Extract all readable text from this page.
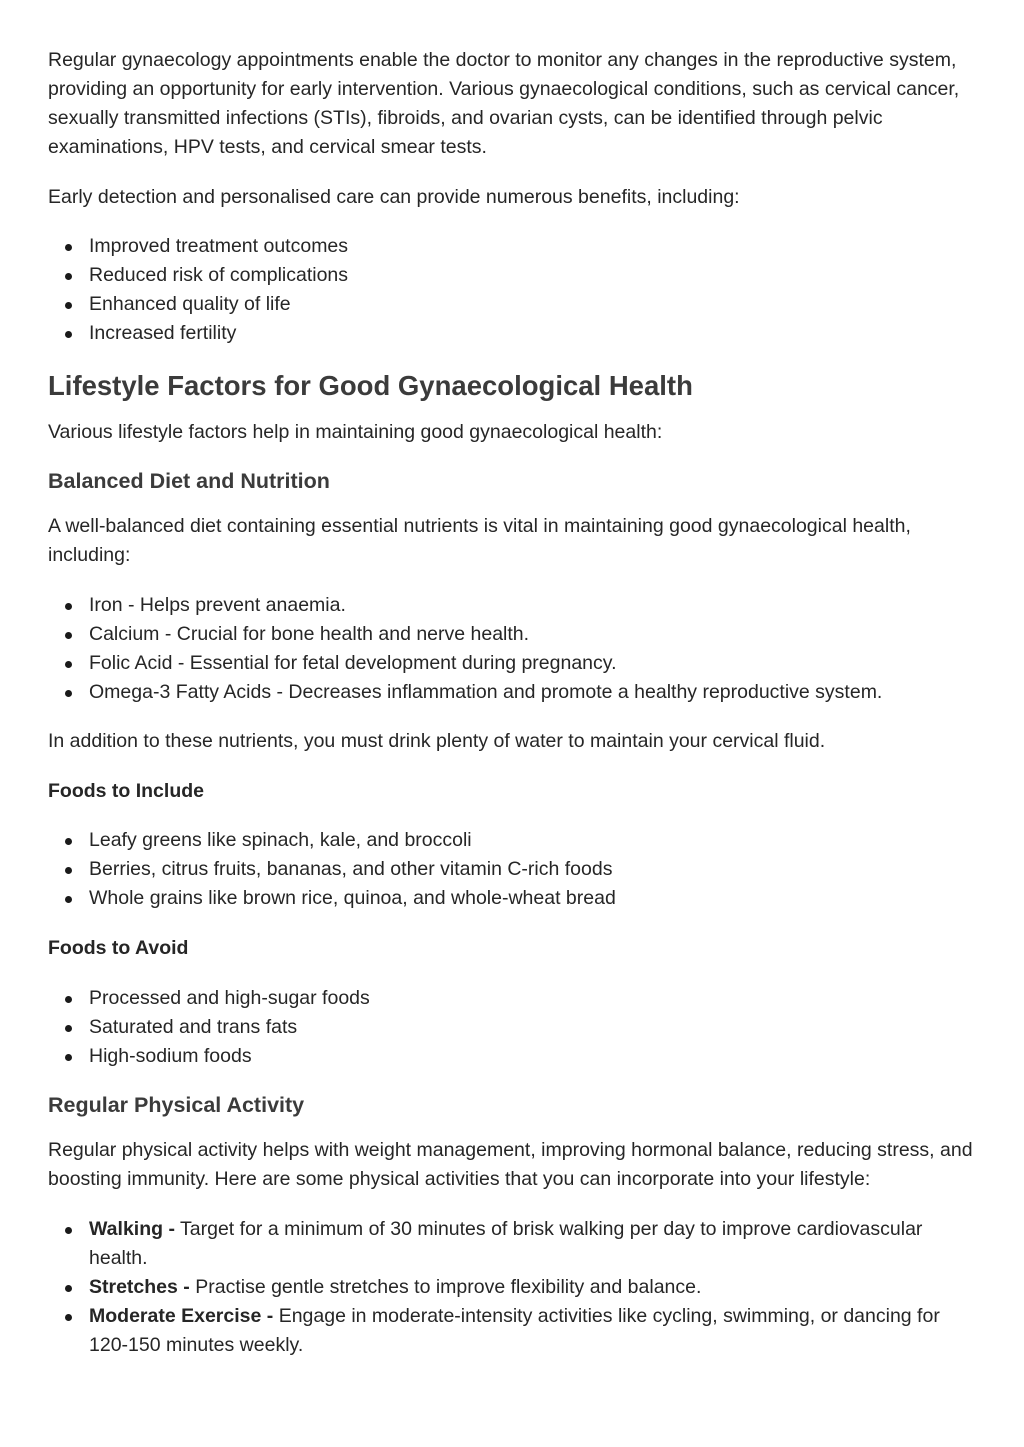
Regular gynaecology appointments enable the doctor to monitor any changes in the reproductive system, providing an opportunity for early intervention. Various gynaecological conditions, such as cervical cancer, sexually transmitted infections (STIs), fibroids, and ovarian cysts, can be identified through pelvic examinations, HPV tests, and cervical smear tests.

Early detection and personalised care can provide numerous benefits, including:

Improved treatment outcomes
Reduced risk of complications
Enhanced quality of life
Increased fertility
Lifestyle Factors for Good Gynaecological Health

Various lifestyle factors help in maintaining good gynaecological health:

Balanced Diet and Nutrition

A well-balanced diet containing essential nutrients is vital in maintaining good gynaecological health, including:

Iron - Helps prevent anaemia.
Calcium - Crucial for bone health and nerve health.
Folic Acid - Essential for fetal development during pregnancy.
Omega-3 Fatty Acids - Decreases inflammation and promote a healthy reproductive system.

In addition to these nutrients, you must drink plenty of water to maintain your cervical fluid.

Foods to Include
Leafy greens like spinach, kale, and broccoli
Berries, citrus fruits, bananas, and other vitamin C-rich foods
Whole grains like brown rice, quinoa, and whole-wheat bread
Foods to Avoid
Processed and high-sugar foods
Saturated and trans fats
High-sodium foods
Regular Physical Activity

Regular physical activity helps with weight management, improving hormonal balance, reducing stress, and boosting immunity. Here are some physical activities that you can incorporate into your lifestyle:

Walking - Target for a minimum of 30 minutes of brisk walking per day to improve cardiovascular health.
Stretches - Practise gentle stretches to improve flexibility and balance.
Moderate Exercise - Engage in moderate-intensity activities like cycling, swimming, or dancing for 120-150 minutes weekly.
